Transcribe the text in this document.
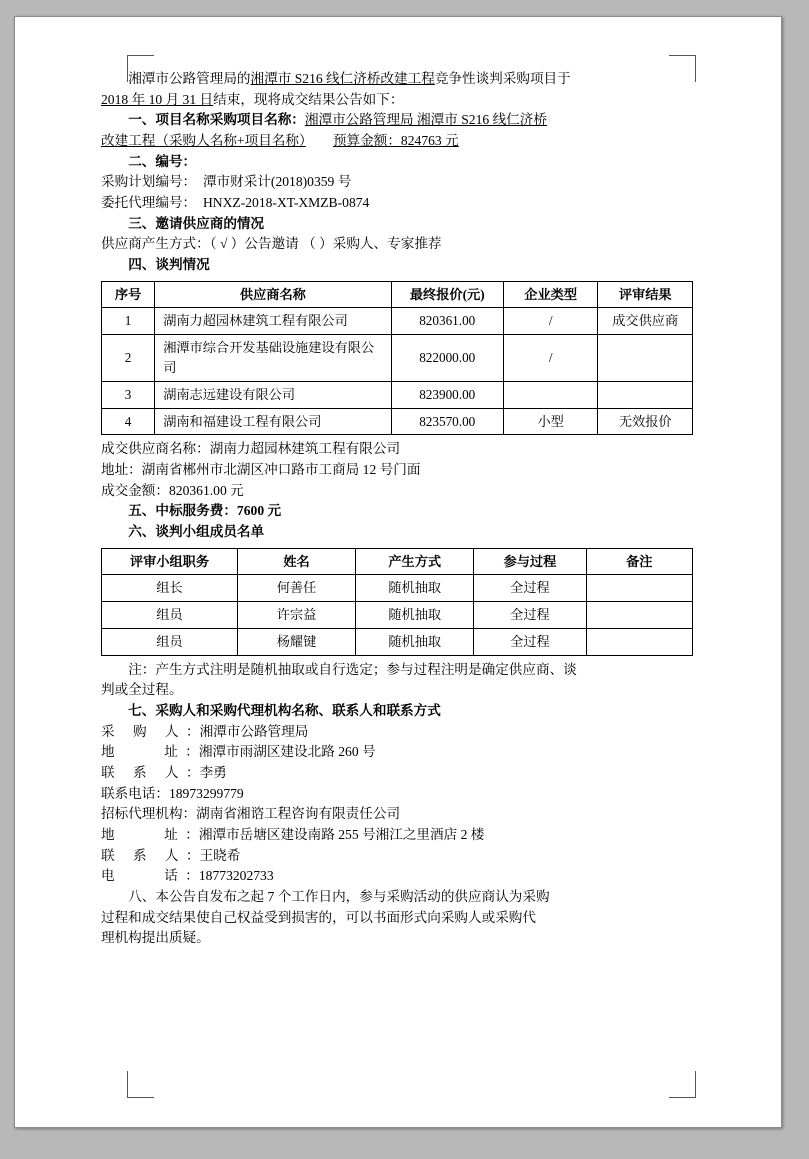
湘潭市公路管理局的湘潭市 S216 线仁济桥改建工程竞争性谈判采购项目于

2018 年 10 月 31 日结束，现将成交结果公告如下：

一、项目名称采购项目名称：湘潭市公路管理局 湘潭市 S216 线仁济桥

改建工程（采购人名称+项目名称）　　 预算金额：824763 元

二、编号：

采购计划编号：　 潭市财采计(2018)0359 号

委托代理编号：　 HNXZ-2018-XT-XMZB-0874

三、邀请供应商的情况

供应商产生方式：（ √ ）公告邀请 （ ）采购人、专家推荐

四、谈判情况

序号	供应商名称	最终报价(元)	企业类型	评审结果
1	湖南力超园林建筑工程有限公司	820361.00	/	成交供应商
2	湘潭市综合开发基础设施建设有限公司	822000.00	/	
3	湖南志远建设有限公司	823900.00		
4	湖南和福建设工程有限公司	823570.00	小型	无效报价

成交供应商名称：湖南力超园林建筑工程有限公司

地址：湖南省郴州市北湖区冲口路市工商局 12 号门面

成交金额：820361.00 元

五、中标服务费：7600 元

六、谈判小组成员名单

评审小组职务	姓名	产生方式	参与过程	备注
组长	何善任	随机抽取	全过程	
组员	许宗益	随机抽取	全过程	
组员	杨耀键	随机抽取	全过程	

注：产生方式注明是随机抽取或自行选定；参与过程注明是确定供应商、谈

判或全过程。

七、采购人和采购代理机构名称、联系人和联系方式

采 购 人：湘潭市公路管理局

地　　址：湘潭市雨湖区建设北路 260 号

联 系 人：李勇

联系电话：18973299779

招标代理机构：湖南省湘谘工程咨询有限责任公司

地　　址：湘潭市岳塘区建设南路 255 号湘江之里酒店 2 楼

联 系 人：王晓希

电　　话：18773202733

八、本公告自发布之起 7 个工作日内，参与采购活动的供应商认为采购

过程和成交结果使自己权益受到损害的，可以书面形式向采购人或采购代

理机构提出质疑。
